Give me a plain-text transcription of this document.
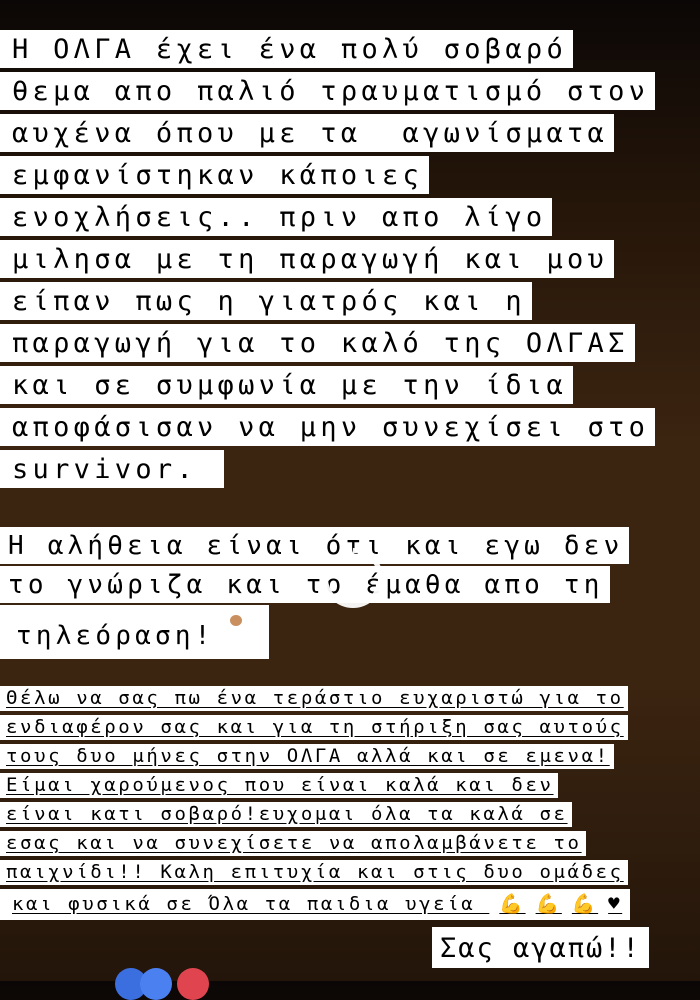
Η ΟΛΓΑ έχει ένα πολύ σοβαρό
θεμα απο παλιό τραυματισμό στον
αυχένα όπου με τα  αγωνίσματα
εμφανίστηκαν κάποιες
ενοχλήσεις.. πριν απο λίγο
μιλησα με τη παραγωγή και μου
είπαν πως η γιατρός και η
παραγωγή για το καλό της ΟΛΓΑΣ
και σε συμφωνία με την ίδια
αποφάσισαν να μην συνεχίσει στο
survivor.
Η αλήθεια είναι ότι και εγω δεν
το γνώριζα και το έμαθα απο τη
τηλεόραση!
Θέλω να σας πω ένα τεράστιο ευχαριστώ για το
ενδιαφέρον σας και για τη στήριξη σας αυτούς
τους δυο μήνες στην ΟΛΓΑ αλλά και σε εμενα!
Είμαι χαρούμενος που είναι καλά και δεν
είναι κατι σοβαρό!ευχομαι όλα τα καλά σε
εσας και να συνεχίσετε να απολαμβάνετε το
παιχνίδι!! Καλη επιτυχία και στις δυο ομάδες
και φυσικά σε Όλα τα παιδια υγεία 💪 💪 💪 ♥
Σας αγαπώ!!
